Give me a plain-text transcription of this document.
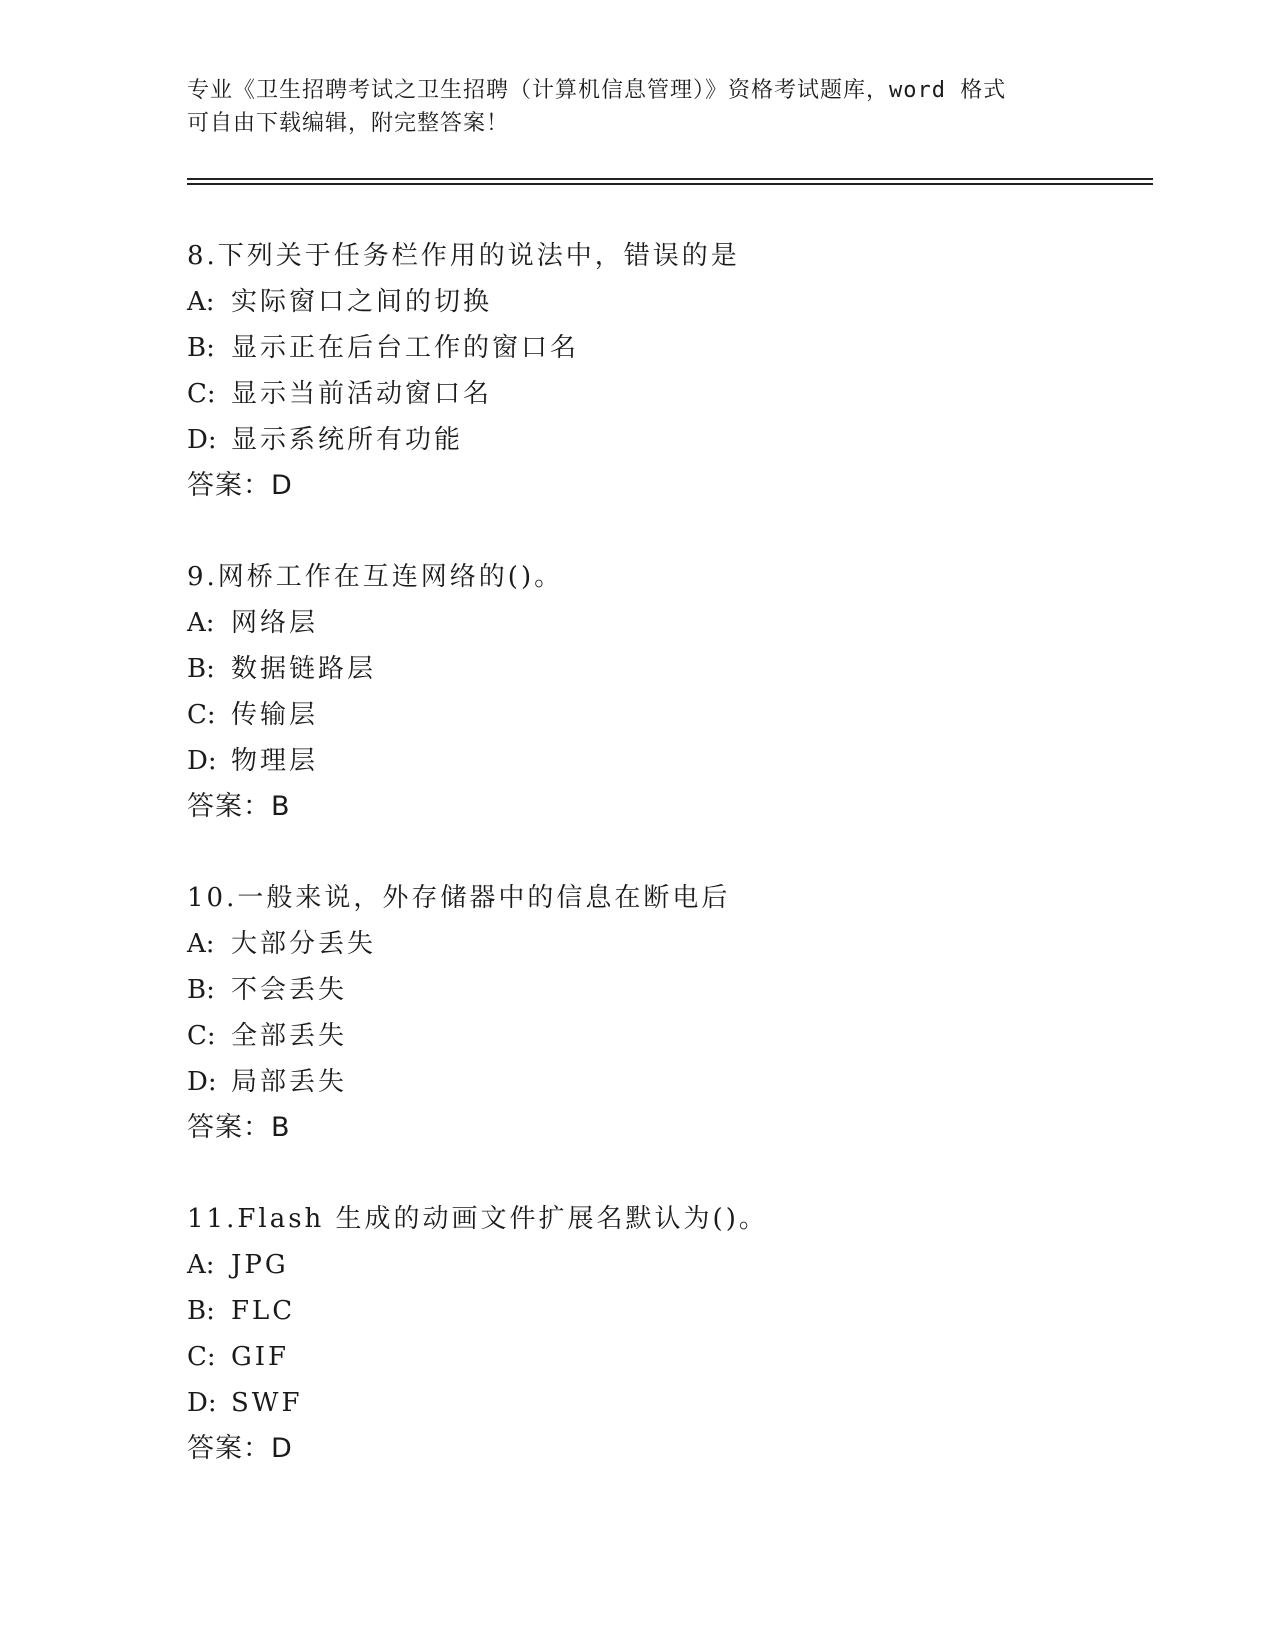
专业《卫生招聘考试之卫生招聘（计算机信息管理）》资格考试题库，word 格式
可自由下载编辑，附完整答案！
8.下列关于任务栏作用的说法中，错误的是
A: 实际窗口之间的切换
B: 显示正在后台工作的窗口名
C: 显示当前活动窗口名
D: 显示系统所有功能
答案：D
9.网桥工作在互连网络的()。
A: 网络层
B: 数据链路层
C: 传输层
D: 物理层
答案：B
10.一般来说，外存储器中的信息在断电后
A: 大部分丢失
B: 不会丢失
C: 全部丢失
D: 局部丢失
答案：B
11.Flash 生成的动画文件扩展名默认为()。
A: JPG
B: FLC
C: GIF
D: SWF
答案：D
